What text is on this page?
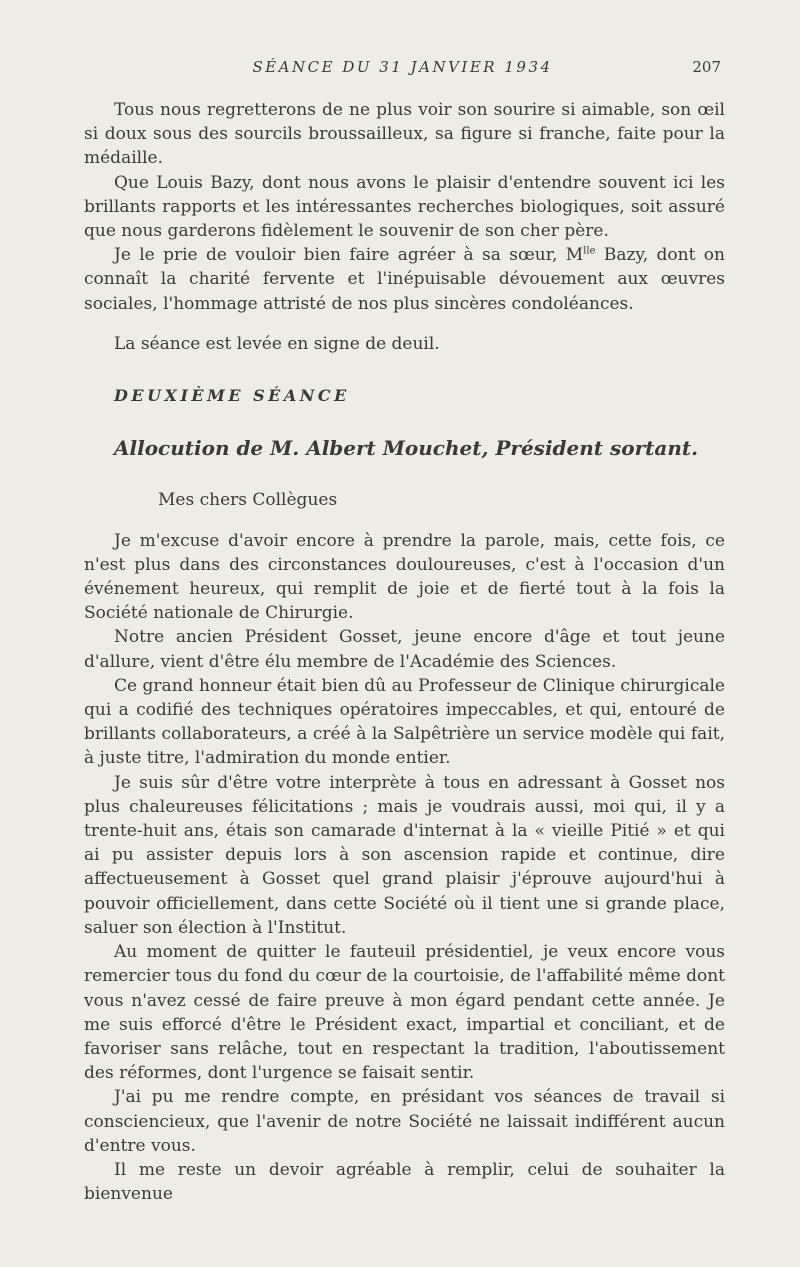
SÉANCE DU 31 JANVIER 1934	207

Tous nous regretterons de ne plus voir son sourire si aimable, son œil si doux sous des sourcils broussailleux, sa figure si franche, faite pour la médaille.

Que Louis Bazy, dont nous avons le plaisir d'entendre souvent ici les brillants rapports et les intéressantes recherches biologiques, soit assuré que nous garderons fidèlement le souvenir de son cher père.

Je le prie de vouloir bien faire agréer à sa sœur, $M^{lle}$ Bazy, dont on connaît la charité fervente et l'inépuisable dévouement aux œuvres sociales, l'hommage attristé de nos plus sincères condoléances.

La séance est levée en signe de deuil.

DEUXIÈME SÉANCE

Allocution de M. Albert Mouchet, Président sortant.

Mes chers Collègues

Je m'excuse d'avoir encore à prendre la parole, mais, cette fois, ce n'est plus dans des circonstances douloureuses, c'est à l'occasion d'un événement heureux, qui remplit de joie et de fierté tout à la fois la Société nationale de Chirurgie.

Notre ancien Président Gosset, jeune encore d'âge et tout jeune d'allure, vient d'être élu membre de l'Académie des Sciences.

Ce grand honneur était bien dû au Professeur de Clinique chirurgicale qui a codifié des techniques opératoires impeccables, et qui, entouré de brillants collaborateurs, a créé à la Salpêtrière un service modèle qui fait, à juste titre, l'admiration du monde entier.

Je suis sûr d'être votre interprète à tous en adressant à Gosset nos plus chaleureuses félicitations ; mais je voudrais aussi, moi qui, il y a trente-huit ans, étais son camarade d'internat à la « vieille Pitié » et qui ai pu assister depuis lors à son ascension rapide et continue, dire affectueusement à Gosset quel grand plaisir j'éprouve aujourd'hui à pouvoir officiellement, dans cette Société où il tient une si grande place, saluer son élection à l'Institut.

Au moment de quitter le fauteuil présidentiel, je veux encore vous remercier tous du fond du cœur de la courtoisie, de l'affabilité même dont vous n'avez cessé de faire preuve à mon égard pendant cette année. Je me suis efforcé d'être le Président exact, impartial et conciliant, et de favoriser sans relâche, tout en respectant la tradition, l'aboutissement des réformes, dont l'urgence se faisait sentir.

J'ai pu me rendre compte, en présidant vos séances de travail si consciencieux, que l'avenir de notre Société ne laissait indifférent aucun d'entre vous.

Il me reste un devoir agréable à remplir, celui de souhaiter la bienvenue
